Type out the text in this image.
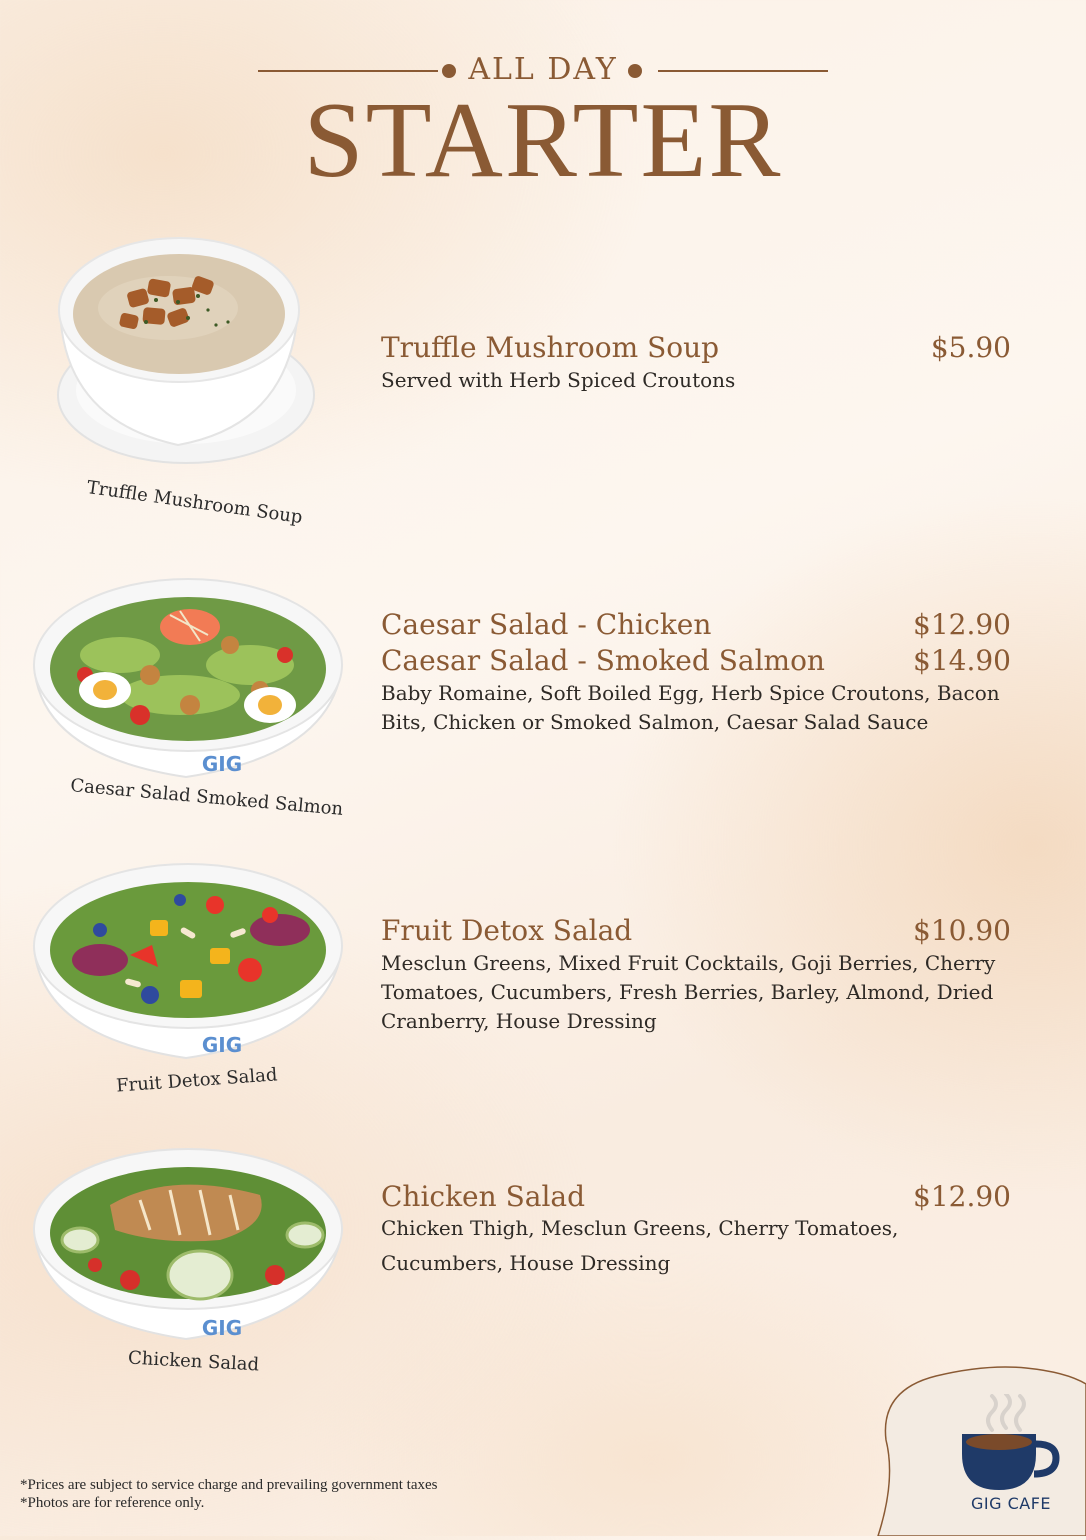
ALL DAY
STARTER
Truffle Mushroom Soup
Truffle Mushroom Soup	$5.90
Served with Herb Spiced Croutons
GIG
Caesar Salad Smoked Salmon
Caesar Salad - Chicken	$12.90
Caesar Salad - Smoked Salmon	$14.90
Baby Romaine, Soft Boiled Egg, Herb Spice Croutons, Bacon Bits, Chicken or Smoked Salmon, Caesar Salad Sauce
GIG
Fruit Detox Salad
Fruit Detox Salad	$10.90
Mesclun Greens, Mixed Fruit Cocktails, Goji Berries, Cherry Tomatoes, Cucumbers, Fresh Berries, Barley, Almond, Dried Cranberry, House Dressing
GIG
Chicken Salad
Chicken Salad	$12.90
Chicken Thigh, Mesclun Greens, Cherry Tomatoes,
Cucumbers, House Dressing
*Prices are subject to service charge and prevailing government taxes
*Photos are for reference only.	GIG CAFE
